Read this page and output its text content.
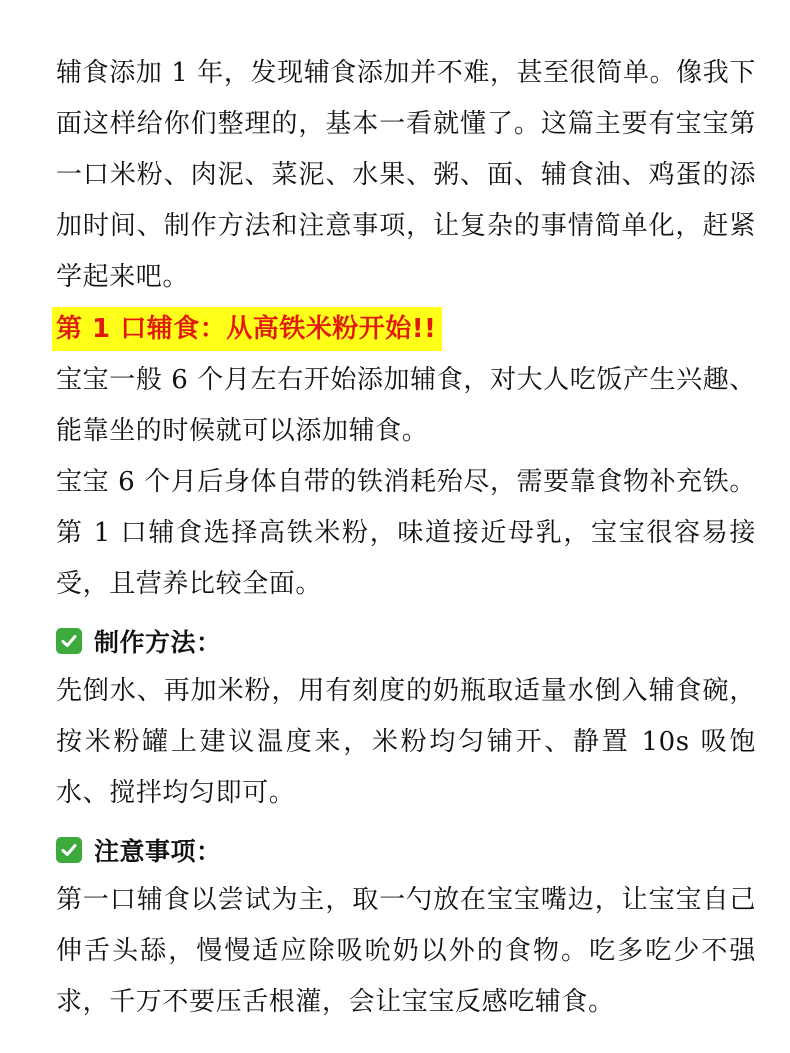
辅食添加 1 年，发现辅食添加并不难，甚至很简单。像我下面这样给你们整理的，基本一看就懂了。这篇主要有宝宝第一口米粉、肉泥、菜泥、水果、粥、面、辅食油、鸡蛋的添加时间、制作方法和注意事项，让复杂的事情简单化，赶紧学起来吧。

第 1 口辅食：从高铁米粉开始!!

宝宝一般 6 个月左右开始添加辅食，对大人吃饭产生兴趣、能靠坐的时候就可以添加辅食。

宝宝 6 个月后身体自带的铁消耗殆尽，需要靠食物补充铁。第 1 口辅食选择高铁米粉，味道接近母乳，宝宝很容易接受，且营养比较全面。

制作方法：

先倒水、再加米粉，用有刻度的奶瓶取适量水倒入辅食碗，按米粉罐上建议温度来，米粉均匀铺开、静置 10s 吸饱水、搅拌均匀即可。

注意事项：

第一口辅食以尝试为主，取一勺放在宝宝嘴边，让宝宝自己伸舌头舔，慢慢适应除吸吮奶以外的食物。吃多吃少不强求，千万不要压舌根灌，会让宝宝反感吃辅食。
